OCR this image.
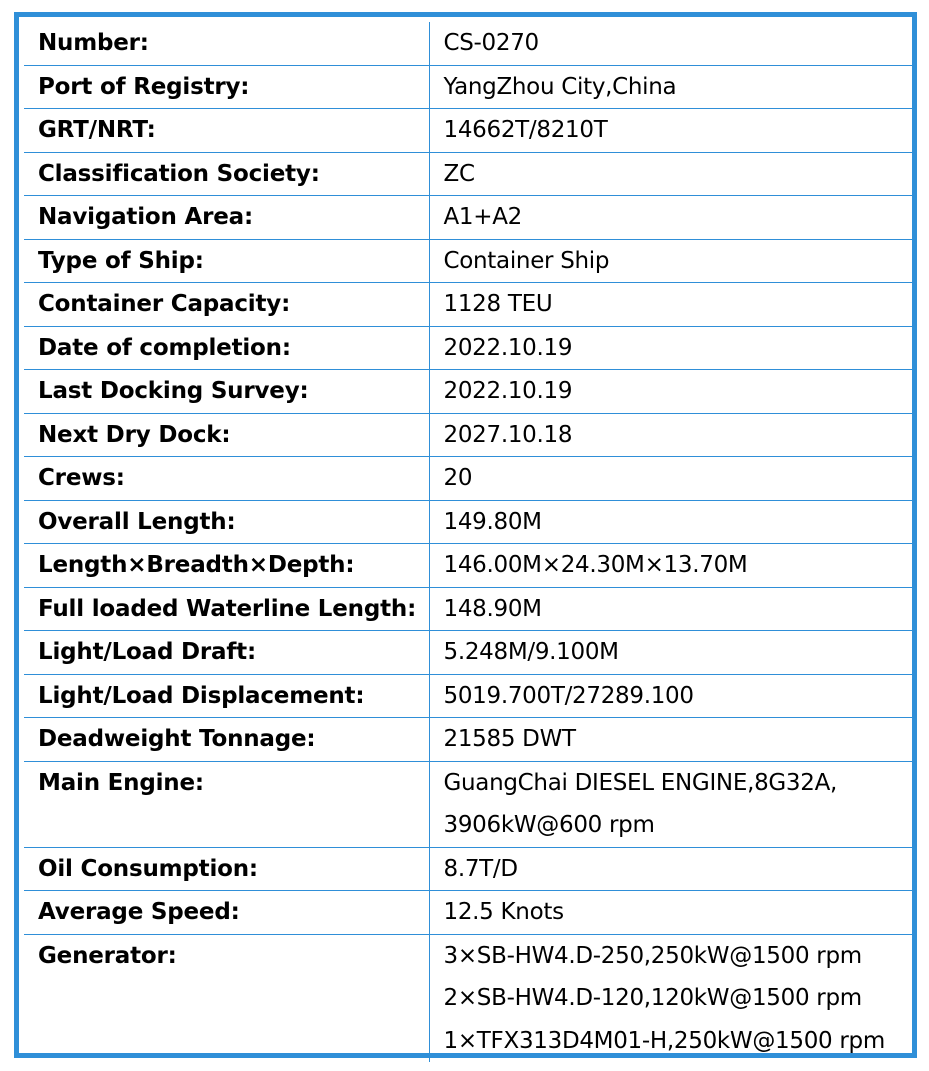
Number:	CS-0270
Port of Registry:	YangZhou City,China
GRT/NRT:	14662T/8210T
Classification Society:	ZC
Navigation Area:	A1+A2
Type of Ship:	Container Ship
Container Capacity:	1128 TEU
Date of completion:	2022.10.19
Last Docking Survey:	2022.10.19
Next Dry Dock:	2027.10.18
Crews:	20
Overall Length:	149.80M
Length×Breadth×Depth:	146.00M×24.30M×13.70M
Full loaded Waterline Length:	148.90M
Light/Load Draft:	5.248M/9.100M
Light/Load Displacement:	5019.700T/27289.100
Deadweight Tonnage:	21585 DWT
Main Engine:	GuangChai DIESEL ENGINE,8G32A,
3906kW@600 rpm
Oil Consumption:	8.7T/D
Average Speed:	12.5 Knots
Generator:	3×SB-HW4.D-250,250kW@1500 rpm
2×SB-HW4.D-120,120kW@1500 rpm
1×TFX313D4M01-H,250kW@1500 rpm
